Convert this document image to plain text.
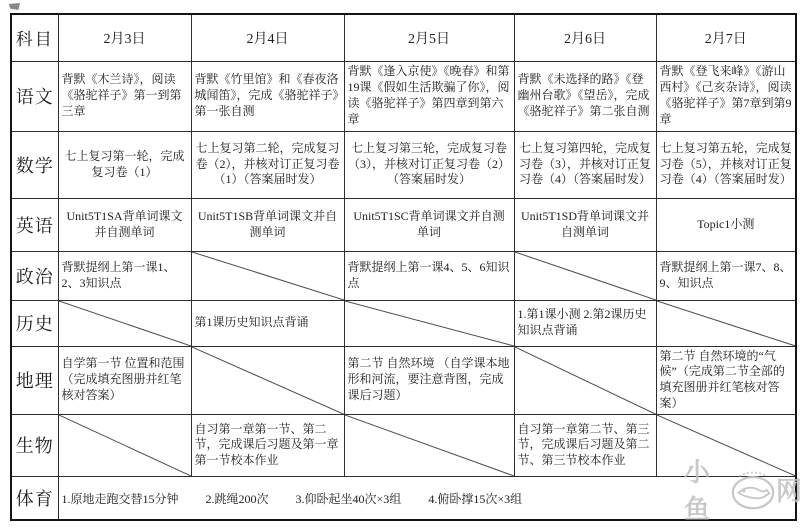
科目	2月3日	2月4日	2月5日	2月6日	2月7日
语文	背默《木兰诗》，阅读《骆驼祥子》第一到第三章	背默《竹里馆》和《春夜洛城闻笛》，完成《骆驼祥子》第一张自测	背默《逢入京使》《晚春》和第19课《假如生活欺骗了你》，阅读《骆驼祥子》第四章到第六章	背默《未选择的路》《登幽州台歌》《望岳》，完成《骆驼祥子》第二张自测	背默《登飞来峰》《游山西村》《己亥杂诗》，阅读《骆驼祥子》第7章到第9章
数学	七上复习第一轮，完成复习卷（1）	七上复习第二轮，完成复习卷（2），并核对订正复习卷（1）（答案届时发）	七上复习第三轮，完成复习卷（3），并核对订正复习卷（2）（答案届时发）	七上复习第四轮，完成复习卷（3），并核对订正复习卷（4）（答案届时发）	七上复习第五轮，完成复习卷（5），并核对订正复习卷（4）（答案届时发）
英语	Unit5T1SA背单词课文并自测单词	Unit5T1SB背单词课文并自测单词	Unit5T1SC背单词课文并自测单词	Unit5T1SD背单词课文并自测单词	Topic1小测
政治	背默提纲上第一课1、2、3知识点		背默提纲上第一课4、5、6知识点		背默提纲上第一课7、8、9、知识点
历史		第1课历史知识点背诵		1.第1课小测 2.第2课历史知识点背诵	

地理	自学第一节 位置和范围（完成填充图册并红笔核对答案）		第二节 自然环境 （自学课本地形和河流，要注意背图，完成课后习题）		第二节 自然环境的“气候”（完成第二节全部的填充图册并红笔核对答案）
生物		自习第一章第一节、第二节，完成课后习题及第一章第一节校本作业		自习第一章第二节、第三节，完成课后习题及第二节、第三节校本作业	

体育	1.原地走跑交替15分钟 2.跳绳200次 3.仰卧起坐40次×3组 4.俯卧撑15次×3组				
小鱼
网
